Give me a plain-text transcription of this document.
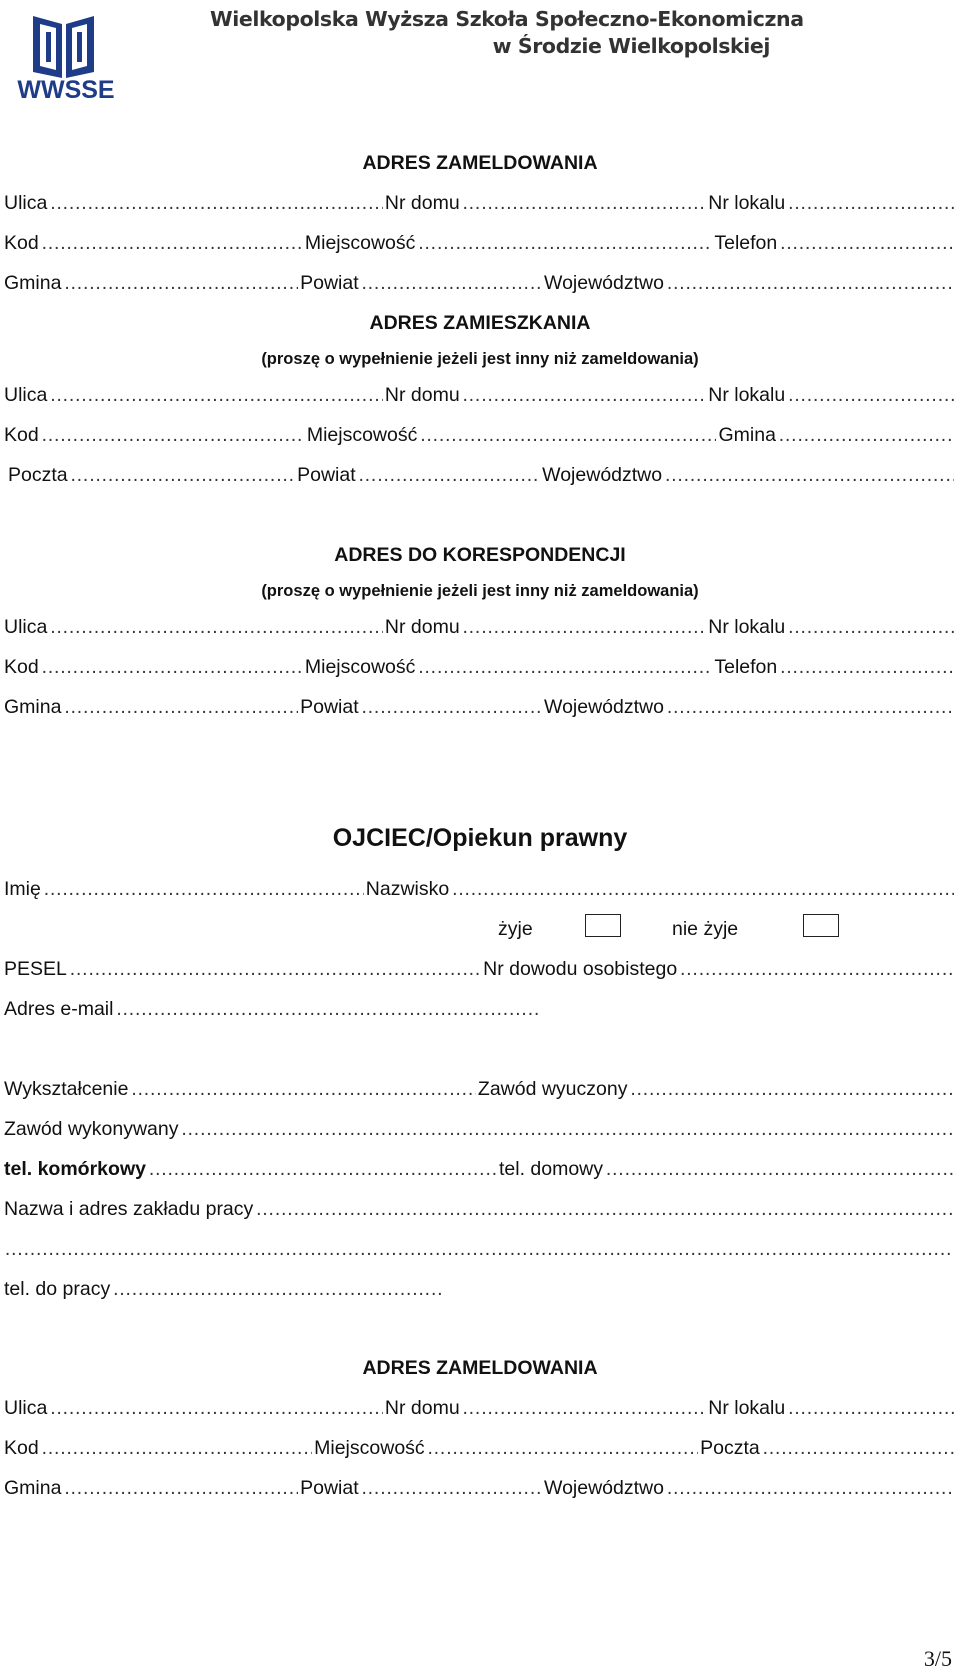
WWSSE
Wielkopolska Wyższa Szkoła Społeczno-Ekonomiczna
w Środzie Wielkopolskiej
ADRES ZAMELDOWANIA
Ulica …………………………………………………………………………………………………………………………………………………………………………………………	Nr domu …………………………………………………………………………………………………………………………………………………………………………………………	Nr lokalu
…………………………………………………………………………………………………………………………………………………………………………………………
Kod …………………………………………………………………………………………………………………………………………………………………………………………	Miejscowość …………………………………………………………………………………………………………………………………………………………………………………………	Telefon
…………………………………………………………………………………………………………………………………………………………………………………………
Gmina …………………………………………………………………………………………………………………………………………………………………………………………	Powiat …………………………………………………………………………………………………………………………………………………………………………………………	Województwo
…………………………………………………………………………………………………………………………………………………………………………………………
ADRES ZAMIESZKANIA
(proszę o wypełnienie jeżeli jest inny niż zameldowania)
Ulica …………………………………………………………………………………………………………………………………………………………………………………………	Nr domu …………………………………………………………………………………………………………………………………………………………………………………………	Nr lokalu
…………………………………………………………………………………………………………………………………………………………………………………………
Kod …………………………………………………………………………………………………………………………………………………………………………………………	Miejscowość …………………………………………………………………………………………………………………………………………………………………………………………	Gmina
…………………………………………………………………………………………………………………………………………………………………………………………
Poczta …………………………………………………………………………………………………………………………………………………………………………………………	Powiat …………………………………………………………………………………………………………………………………………………………………………………………	Województwo
…………………………………………………………………………………………………………………………………………………………………………………………
ADRES DO KORESPONDENCJI
(proszę o wypełnienie jeżeli jest inny niż zameldowania)
Ulica …………………………………………………………………………………………………………………………………………………………………………………………	Nr domu …………………………………………………………………………………………………………………………………………………………………………………………	Nr lokalu
…………………………………………………………………………………………………………………………………………………………………………………………
Kod …………………………………………………………………………………………………………………………………………………………………………………………	Miejscowość …………………………………………………………………………………………………………………………………………………………………………………………	Telefon
…………………………………………………………………………………………………………………………………………………………………………………………
Gmina …………………………………………………………………………………………………………………………………………………………………………………………	Powiat …………………………………………………………………………………………………………………………………………………………………………………………	Województwo
…………………………………………………………………………………………………………………………………………………………………………………………
OJCIEC/Opiekun prawny
Imię …………………………………………………………………………………………………………………………………………………………………………………………	Nazwisko
…………………………………………………………………………………………………………………………………………………………………………………………
żyje	nie żyje
PESEL …………………………………………………………………………………………………………………………………………………………………………………………	Nr dowodu osobistego
…………………………………………………………………………………………………………………………………………………………………………………………
Adres e-mail
…………………………………………………………………………………………………………………………………………………………………………………………
Wykształcenie …………………………………………………………………………………………………………………………………………………………………………………………	Zawód wyuczony
…………………………………………………………………………………………………………………………………………………………………………………………
Zawód wykonywany
…………………………………………………………………………………………………………………………………………………………………………………………
tel. komórkowy …………………………………………………………………………………………………………………………………………………………………………………………	tel. domowy
…………………………………………………………………………………………………………………………………………………………………………………………
Nazwa i adres zakładu pracy
…………………………………………………………………………………………………………………………………………………………………………………………
…………………………………………………………………………………………………………………………………………………………………………………………
tel. do pracy
…………………………………………………………………………………………………………………………………………………………………………………………
ADRES ZAMELDOWANIA
Ulica …………………………………………………………………………………………………………………………………………………………………………………………	Nr domu …………………………………………………………………………………………………………………………………………………………………………………………	Nr lokalu
…………………………………………………………………………………………………………………………………………………………………………………………
Kod …………………………………………………………………………………………………………………………………………………………………………………………	Miejscowość …………………………………………………………………………………………………………………………………………………………………………………………	Poczta
…………………………………………………………………………………………………………………………………………………………………………………………
Gmina …………………………………………………………………………………………………………………………………………………………………………………………	Powiat …………………………………………………………………………………………………………………………………………………………………………………………	Województwo
…………………………………………………………………………………………………………………………………………………………………………………………
3/5
